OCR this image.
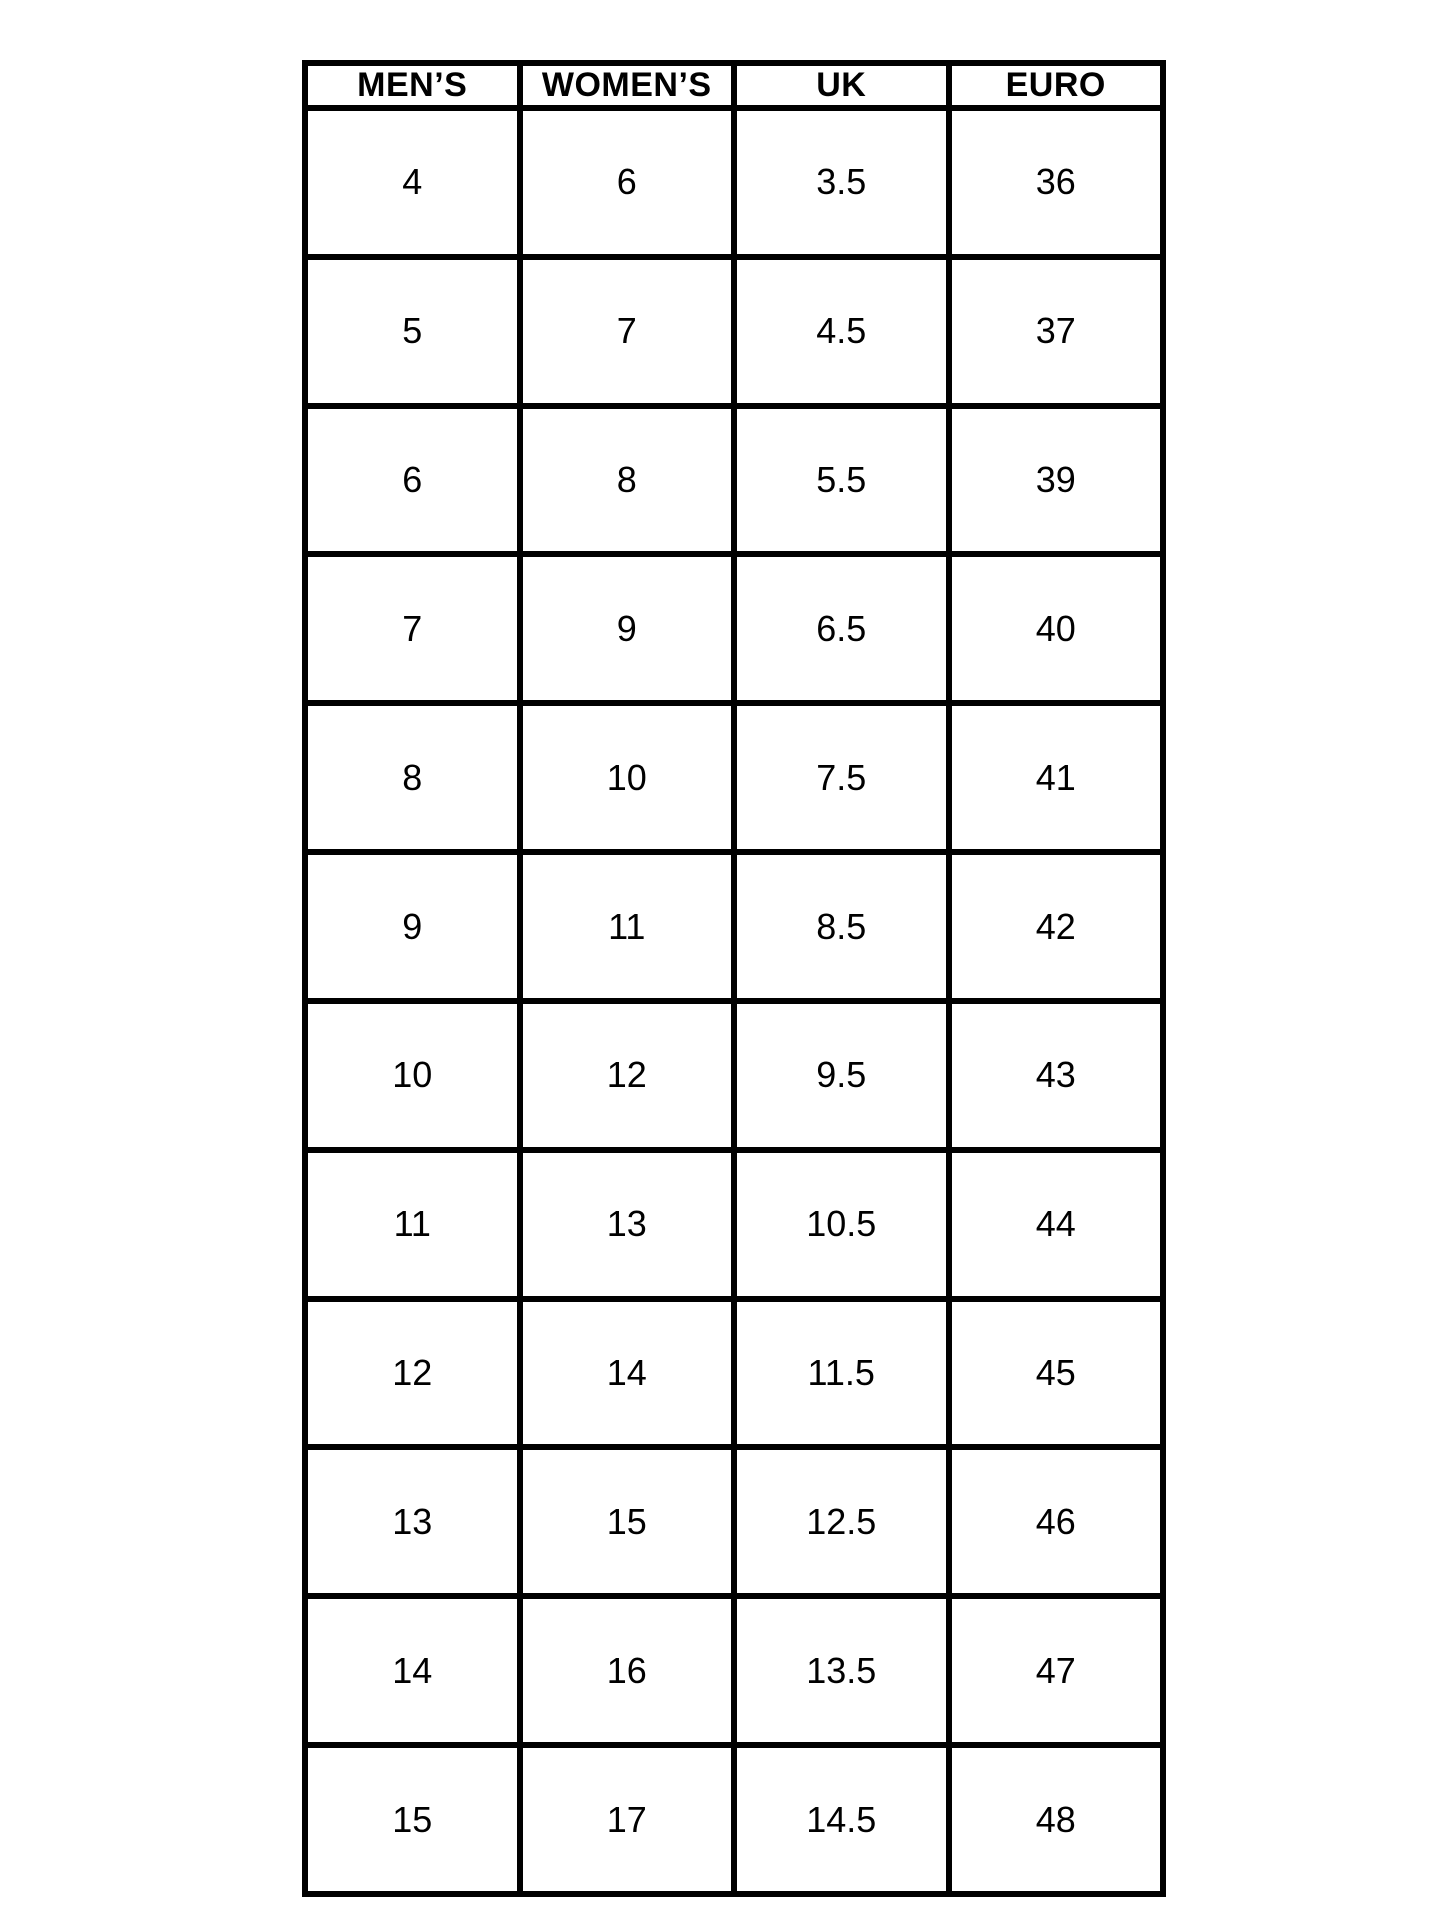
MEN’S	WOMEN’S	UK	EURO
4	6	3.5	36
5	7	4.5	37
6	8	5.5	39
7	9	6.5	40
8	10	7.5	41
9	11	8.5	42
10	12	9.5	43
11	13	10.5	44
12	14	11.5	45
13	15	12.5	46
14	16	13.5	47
15	17	14.5	48
